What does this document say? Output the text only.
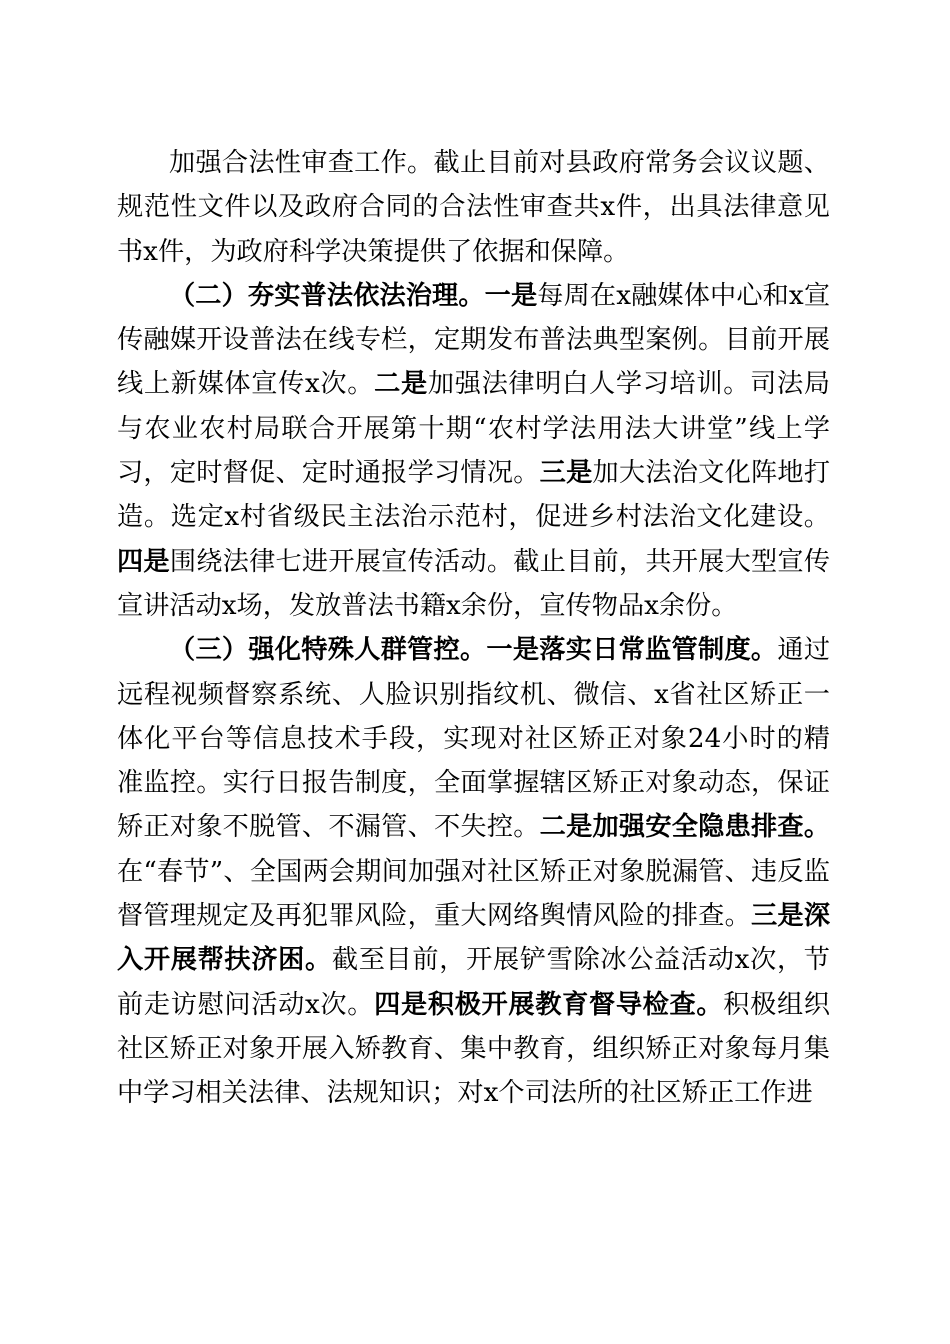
加强合法性审查工作。截止目前对县政府常务会议议题、规范性文件以及政府合同的合法性审查共x件，出具法律意见书x件，为政府科学决策提供了依据和保障。

（二）夯实普法依法治理。一是每周在x融媒体中心和x宣传融媒开设普法在线专栏，定期发布普法典型案例。目前开展线上新媒体宣传x次。二是加强法律明白人学习培训。司法局与农业农村局联合开展第十期“农村学法用法大讲堂”线上学习，定时督促、定时通报学习情况。三是加大法治文化阵地打造。选定x村省级民主法治示范村，促进乡村法治文化建设。四是围绕法律七进开展宣传活动。截止目前，共开展大型宣传宣讲活动x场，发放普法书籍x余份，宣传物品x余份。

（三）强化特殊人群管控。一是落实日常监管制度。通过远程视频督察系统、人脸识别指纹机、微信、x省社区矫正一体化平台等信息技术手段，实现对社区矫正对象24小时的精准监控。实行日报告制度，全面掌握辖区矫正对象动态，保证矫正对象不脱管、不漏管、不失控。二是加强安全隐患排查。在“春节”、全国两会期间加强对社区矫正对象脱漏管、违反监督管理规定及再犯罪风险，重大网络舆情风险的排查。三是深入开展帮扶济困。截至目前，开展铲雪除冰公益活动x次，节前走访慰问活动x次。四是积极开展教育督导检查。积极组织社区矫正对象开展入矫教育、集中教育，组织矫正对象每月集中学习相关法律、法规知识；对x个司法所的社区矫正工作进
